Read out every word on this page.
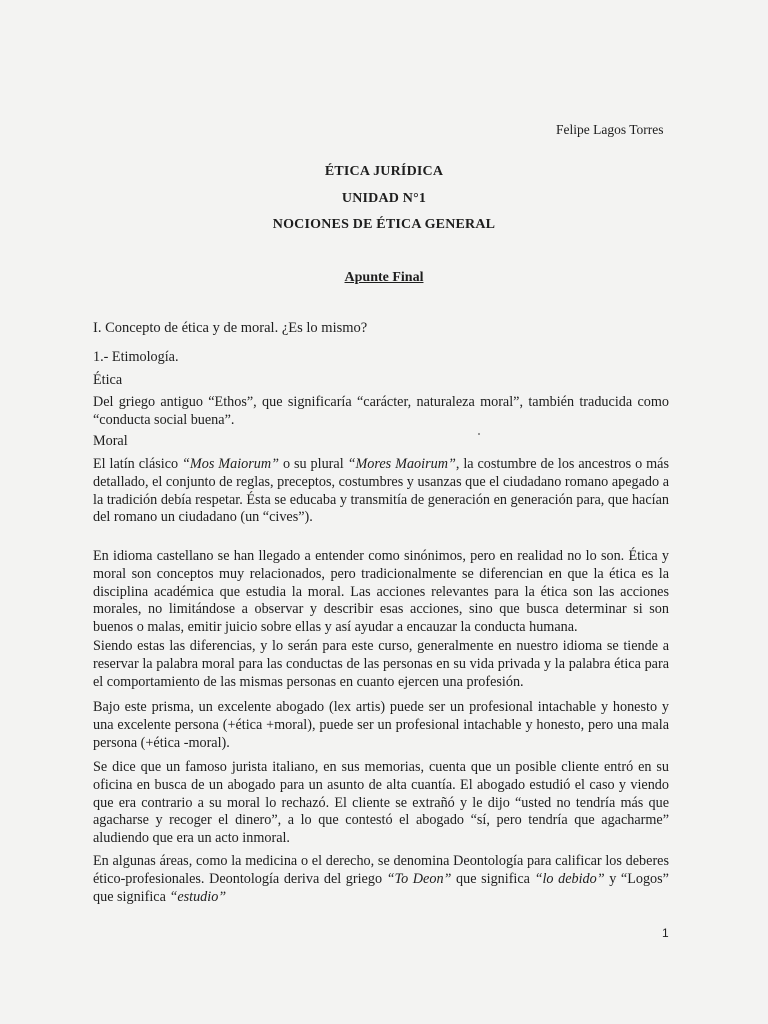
Felipe Lagos Torres
ÉTICA JURÍDICA
UNIDAD N°1
NOCIONES DE ÉTICA GENERAL
Apunte Final
I. Concepto de ética y de moral. ¿Es lo mismo?
1.- Etimología.
Ética

Del griego antiguo “Ethos”, que significaría “carácter, naturaleza moral”, también traducida como “conducta social buena”.

Moral

El latín clásico “Mos Maiorum” o su plural “Mores Maoirum”, la costumbre de los ancestros o más detallado, el conjunto de reglas, preceptos, costumbres y usanzas que el ciudadano romano apegado a la tradición debía respetar. Ésta se educaba y transmitía de generación en generación para, que hacían del romano un ciudadano (un “cives”).

En idioma castellano se han llegado a entender como sinónimos, pero en realidad no lo son. Ética y moral son conceptos muy relacionados, pero tradicionalmente se diferencian en que la ética es la disciplina académica que estudia la moral. Las acciones relevantes para la ética son las acciones morales, no limitándose a observar y describir esas acciones, sino que busca determinar si son buenos o malas, emitir juicio sobre ellas y así ayudar a encauzar la conducta humana.

Siendo estas las diferencias, y lo serán para este curso, generalmente en nuestro idioma se tiende a reservar la palabra moral para las conductas de las personas en su vida privada y la palabra ética para el comportamiento de las mismas personas en cuanto ejercen una profesión.

Bajo este prisma, un excelente abogado (lex artis) puede ser un profesional intachable y honesto y una excelente persona (+ética +moral), puede ser un profesional intachable y honesto, pero una mala persona (+ética -moral).

Se dice que un famoso jurista italiano, en sus memorias, cuenta que un posible cliente entró en su oficina en busca de un abogado para un asunto de alta cuantía. El abogado estudió el caso y viendo que era contrario a su moral lo rechazó. El cliente se extrañó y le dijo “usted no tendría más que agacharse y recoger el dinero”, a lo que contestó el abogado “sí, pero tendría que agacharme” aludiendo que era un acto inmoral.

En algunas áreas, como la medicina o el derecho, se denomina Deontología para calificar los deberes ético-profesionales. Deontología deriva del griego “To Deon” que significa “lo debido” y “Logos” que significa “estudio”

1
